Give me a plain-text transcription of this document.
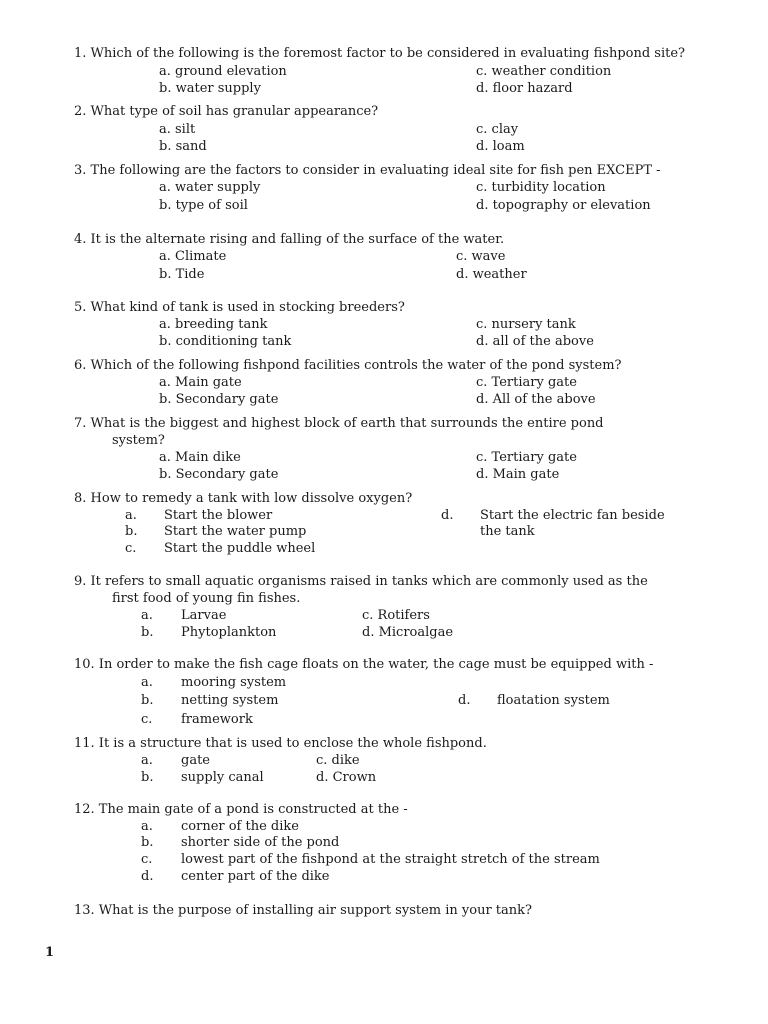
1. Which of the following is the foremost factor to be considered in evaluating fishpond site?
a. ground elevation
b. water supply
c. weather condition
d. floor hazard
2. What type of soil has granular appearance?
a. silt
b. sand
c. clay
d. loam
3. The following are the factors to consider in evaluating ideal site for fish pen EXCEPT -
a. water supply
b. type of soil
c. turbidity location
d. topography or elevation
4. It is the alternate rising and falling of the surface of the water.
a. Climate
b. Tide
c. wave
d. weather
5. What kind of tank is used in stocking breeders?
a. breeding tank
b. conditioning tank
c. nursery tank
d. all of the above
6. Which of the following fishpond facilities controls the water of the pond system?
a. Main gate
b. Secondary gate
c. Tertiary gate
d. All of the above
7. What is the biggest and highest block of earth that surrounds the entire pond
system?
a. Main dike
b. Secondary gate
c. Tertiary gate
d. Main gate
8. How to remedy a tank with low dissolve oxygen?
a. Start the blower
b. Start the water pump
c. Start the puddle wheel
d. Start the electric fan beside
the tank
9. It refers to small aquatic organisms raised in tanks which are commonly used as the
first food of young fin fishes.
a. Larvae
b. Phytoplankton
c. Rotifers
d. Microalgae
10. In order to make the fish cage floats on the water, the cage must be equipped with -
a. mooring system
b. netting system
c. framework
d. floatation system
11. It is a structure that is used to enclose the whole fishpond.
a. gate
b. supply canal
c. dike
d. Crown
12. The main gate of a pond is constructed at the -
a. corner of the dike
b. shorter side of the pond
c. lowest part of the fishpond at the straight stretch of the stream
d. center part of the dike
13. What is the purpose of installing air support system in your tank?
1
